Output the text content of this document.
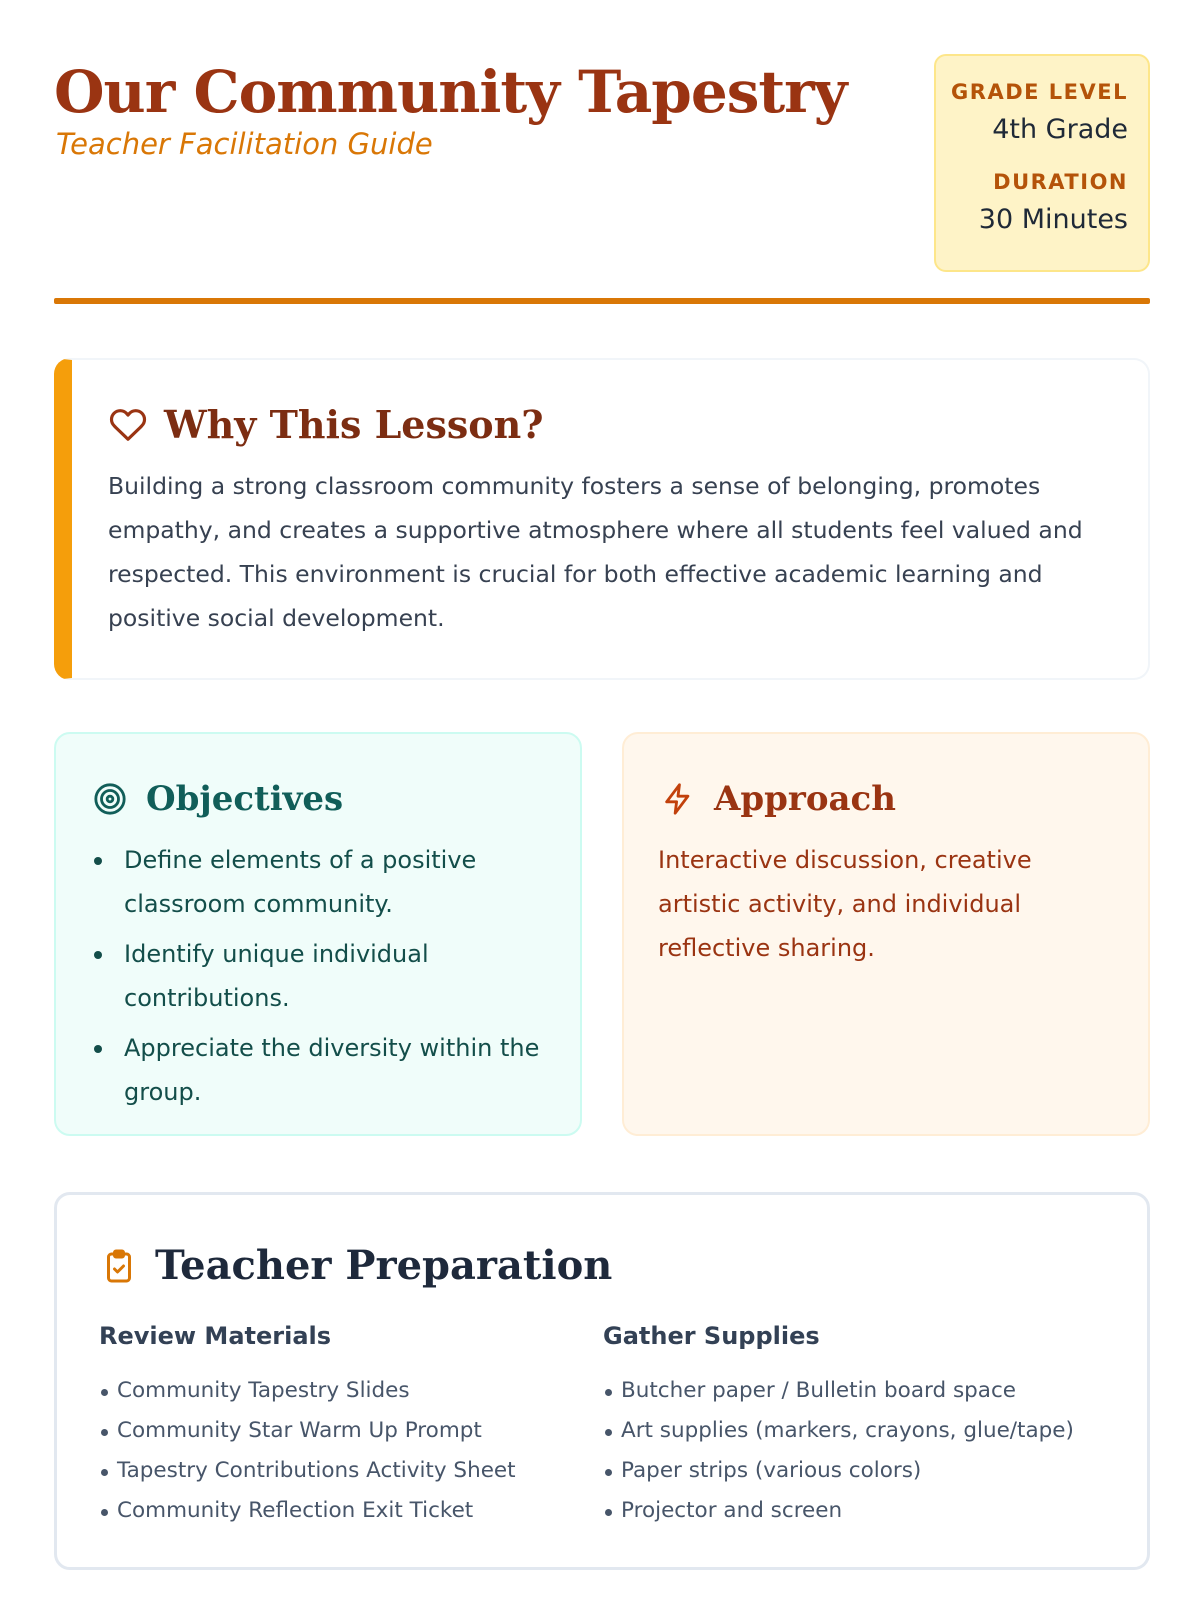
Our Community Tapestry
Teacher Facilitation Guide
GRADE LEVEL
4th Grade
DURATION
30 Minutes
Why This Lesson?

Building a strong classroom community fosters a sense of belonging, promotes empathy, and creates a supportive atmosphere where all students feel valued and respected. This environment is crucial for both effective academic learning and positive social development.

Objectives
Define elements of a positive classroom community.
Identify unique individual contributions.
Appreciate the diversity within the group.
Approach

Interactive discussion, creative artistic activity, and individual reflective sharing.

Teacher Preparation
Review Materials
Community Tapestry Slides
Community Star Warm Up Prompt
Tapestry Contributions Activity Sheet
Community Reflection Exit Ticket
Gather Supplies
Butcher paper / Bulletin board space
Art supplies (markers, crayons, glue/tape)
Paper strips (various colors)
Projector and screen
